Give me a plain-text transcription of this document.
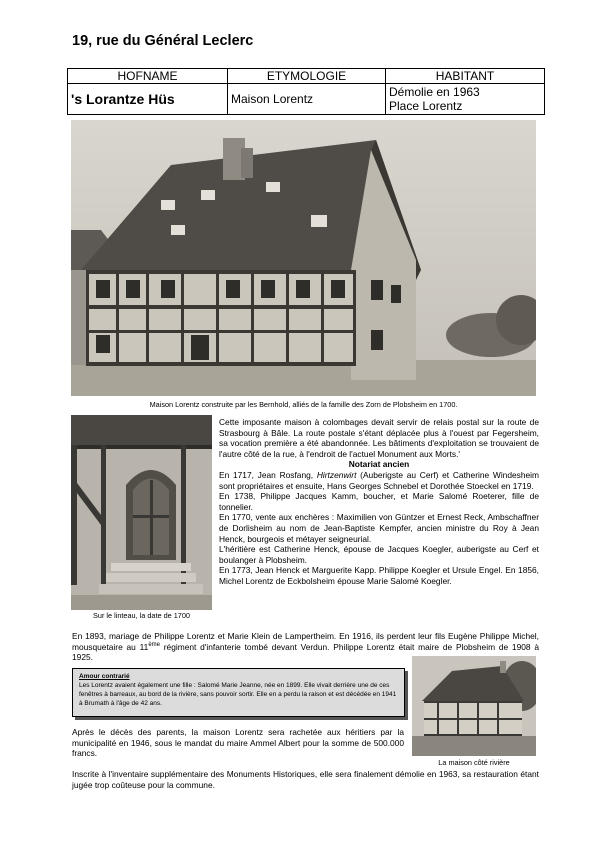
19, rue du Général Leclerc
HOFNAME	ETYMOLOGIE	HABITANT
's Lorantze Hüs	Maison Lorentz	Démolie en 1963
Place Lorentz
Maison Lorentz construite par les Bernhold, alliés de la famille des Zorn de Plobsheim en 1700.
Sur le linteau, la date de 1700
Cette imposante maison à colombages devait servir de relais postal sur la route de Strasbourg à Bâle. La route postale s'étant déplacée plus à l'ouest par Fegersheim, sa vocation première a été abandonnée. Les bâtiments d'exploitation se trouvaient de l'autre côté de la rue, à l'endroit de l'actuel Monument aux Morts.'
Notariat ancien
En 1717, Jean Rosfang, Hirtzenwirt (Auberigste au Cerf) et Catherine Windesheim sont propriétaires et ensuite, Hans Georges Schnebel et Dorothée Stoeckel en 1719.
En 1738, Philippe Jacques Kamm, boucher, et Marie Salomé Roeterer, fille de tonnelier.
En 1770, vente aux enchères : Maximilien von Güntzer et Ernest Reck, Ambschaffner de Dorlisheim au nom de Jean-Baptiste Kempfer, ancien ministre du Roy à Jean Henck, bourgeois et métayer seigneurial.
L'héritière est Catherine Henck, épouse de Jacques Koegler, auberigste au Cerf et boulanger à Plobsheim.
En 1773, Jean Henck et Marguerite Kapp. Philippe Koegler et Ursule Engel. En 1856, Michel Lorentz de Eckbolsheim épouse Marie Salomé Koegler.
En 1893, mariage de Philippe Lorentz et Marie Klein de Lampertheim. En 1916, ils perdent leur fils Eugène Philippe Michel, mousquetaire au 11ème régiment d'infanterie tombé devant Verdun. Philippe Lorentz était maire de Plobsheim de 1908 à 1925.
Amour contrarié
Les Lorentz avaient également une fille : Salomé Marie Jeanne, née en 1899. Elle vivait derrière une de ces fenêtres à barreaux, au bord de la rivière, sans pouvoir sortir. Elle en a perdu la raison et est décédée en 1941 à Brumath à l'âge de 42 ans.
La maison côté rivière
Après le décès des parents, la maison Lorentz sera rachetée aux héritiers par la municipalité en 1946, sous le mandat du maire Ammel Albert pour la somme de 500.000 francs.
Inscrite à l'inventaire supplémentaire des Monuments Historiques, elle sera finalement démolie en 1963, sa restauration étant jugée trop coûteuse pour la commune.
